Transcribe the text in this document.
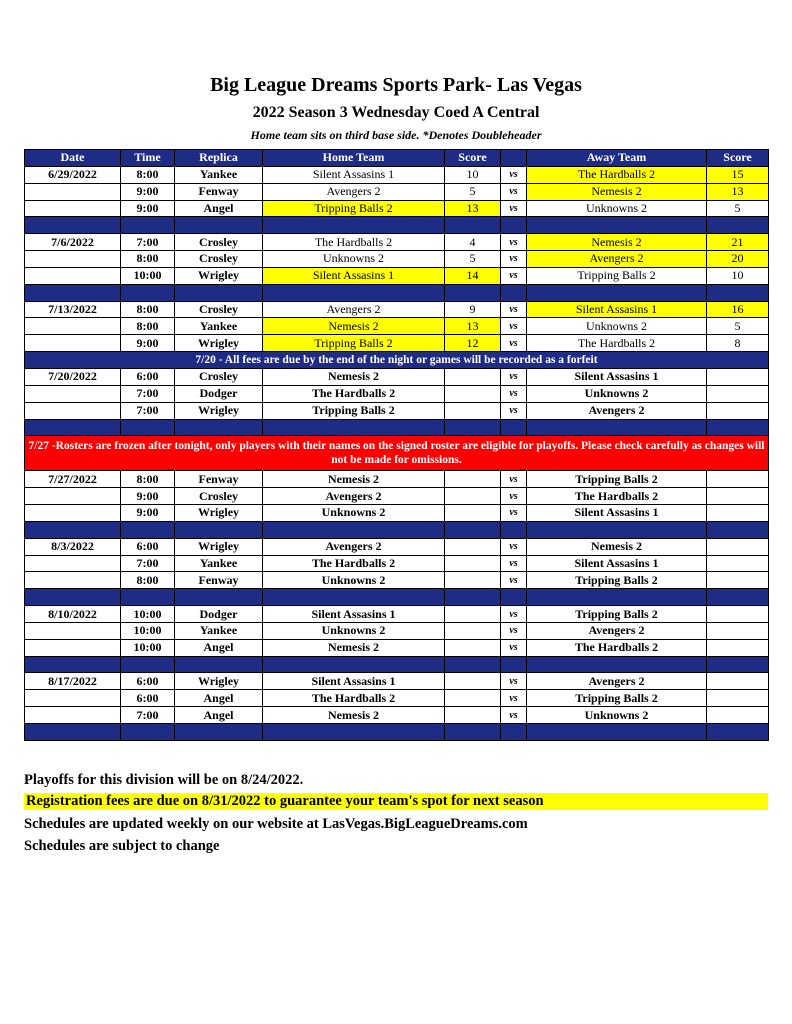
Big League Dreams Sports Park- Las Vegas
2022 Season 3 Wednesday Coed A Central
Home team sits on third base side. *Denotes Doubleheader
Date	Time	Replica	Home Team	Score		Away Team	Score
6/29/2022	8:00	Yankee	Silent Assasins 1	10	vs	The Hardballs 2	15
	9:00	Fenway	Avengers 2	5	vs	Nemesis 2	13
	9:00	Angel	Tripping Balls 2	13	vs	Unknowns 2	5

7/6/2022	7:00	Crosley	The Hardballs 2	4	vs	Nemesis 2	21
	8:00	Crosley	Unknowns 2	5	vs	Avengers 2	20
	10:00	Wrigley	Silent Assasins 1	14	vs	Tripping Balls 2	10

7/13/2022	8:00	Crosley	Avengers 2	9	vs	Silent Assasins 1	16
	8:00	Yankee	Nemesis 2	13	vs	Unknowns 2	5
	9:00	Wrigley	Tripping Balls 2	12	vs	The Hardballs 2	8
7/20 - All fees are due by the end of the night or games will be recorded as a forfeit							
7/20/2022	6:00	Crosley	Nemesis 2		vs	Silent Assasins 1	
	7:00	Dodger	The Hardballs 2		vs	Unknowns 2	
	7:00	Wrigley	Tripping Balls 2		vs	Avengers 2	

7/27 -Rosters are frozen after tonight, only players with their names on the signed roster are eligible for playoffs. Please check carefully as changes will not be made for omissions.							
7/27/2022	8:00	Fenway	Nemesis 2		vs	Tripping Balls 2	
	9:00	Crosley	Avengers 2		vs	The Hardballs 2	
	9:00	Wrigley	Unknowns 2		vs	Silent Assasins 1	

8/3/2022	6:00	Wrigley	Avengers 2		vs	Nemesis 2	
	7:00	Yankee	The Hardballs 2		vs	Silent Assasins 1	
	8:00	Fenway	Unknowns 2		vs	Tripping Balls 2	

8/10/2022	10:00	Dodger	Silent Assasins 1		vs	Tripping Balls 2	
	10:00	Yankee	Unknowns 2		vs	Avengers 2	
	10:00	Angel	Nemesis 2		vs	The Hardballs 2	

8/17/2022	6:00	Wrigley	Silent Assasins 1		vs	Avengers 2	
	6:00	Angel	The Hardballs 2		vs	Tripping Balls 2	
	7:00	Angel	Nemesis 2		vs	Unknowns 2	

Playoffs for this division will be on 8/24/2022.
Registration fees are due on 8/31/2022 to guarantee your team's spot for next season
Schedules are updated weekly on our website at LasVegas.BigLeagueDreams.com
Schedules are subject to change
